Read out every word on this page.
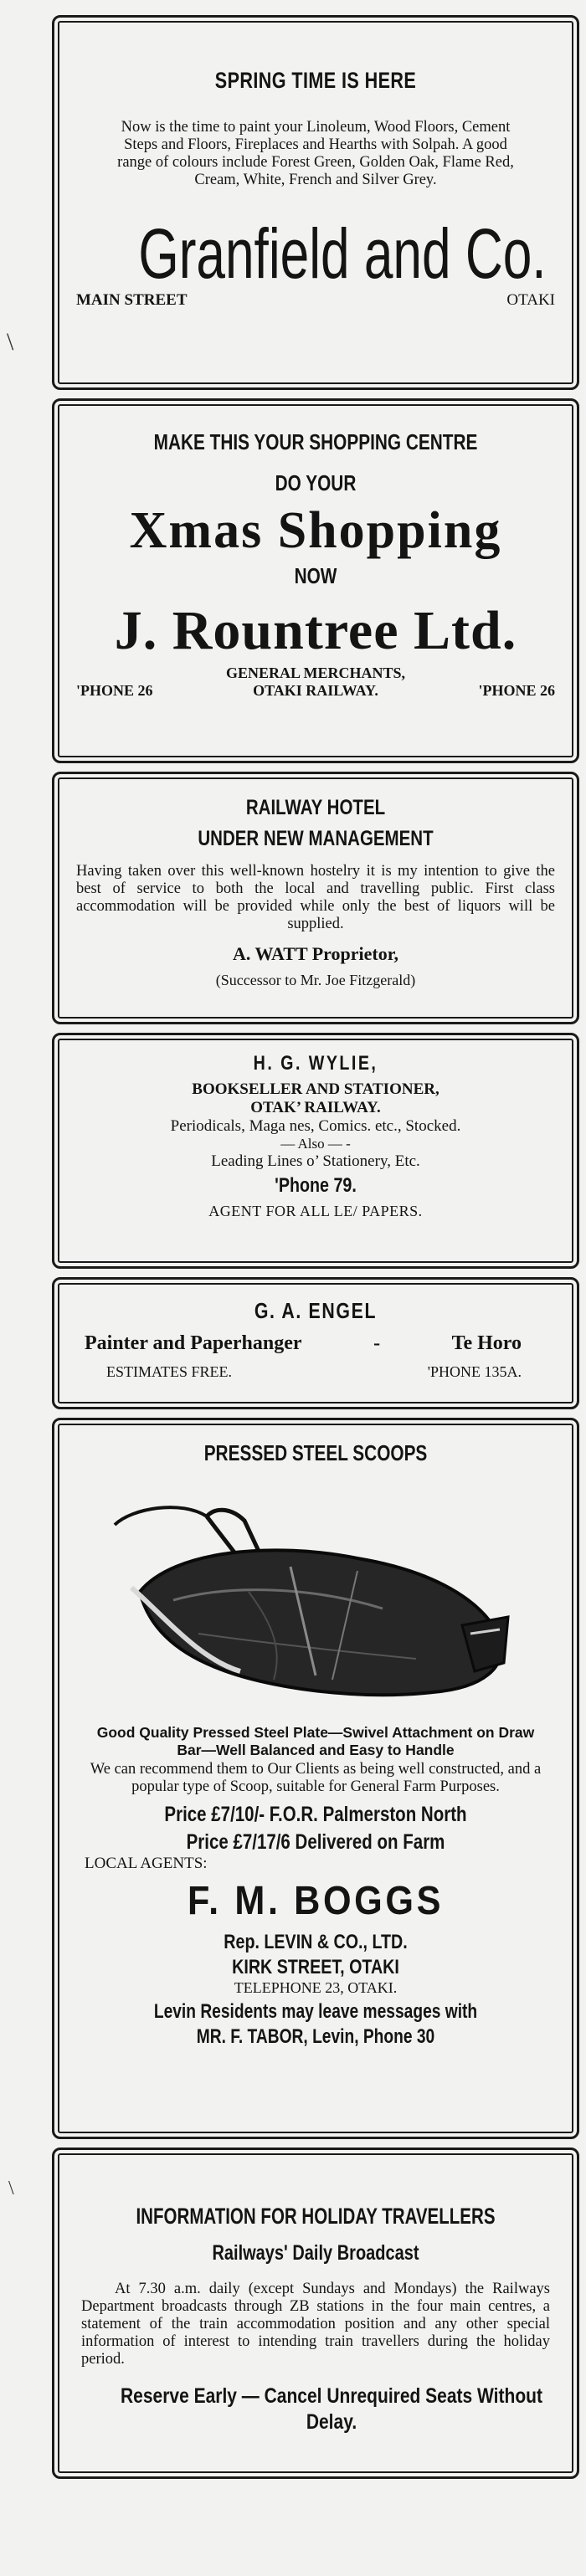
\
\
SPRING TIME IS HERE

Now is the time to paint your Linoleum, Wood Floors, Cement Steps and Floors, Fireplaces and Hearths with Solpah. A good range of colours include Forest Green, Golden Oak, Flame Red, Cream, White, French and Silver Grey.

Granfield and Co.
MAIN STREET	OTAKI
MAKE THIS YOUR SHOPPING CENTRE
DO YOUR
Xmas Shopping
NOW
J. Rountree Ltd.
'PHONE 26
GENERAL MERCHANTS,
OTAKI RAILWAY.	'PHONE 26
RAILWAY HOTEL
UNDER NEW MANAGEMENT

Having taken over this well-known hostelry it is my intention to give the best of service to both the local and travelling public. First class accommodation will be provided while only the best of liquors will be supplied.

A. WATT Proprietor,
(Successor to Mr. Joe Fitzgerald)
H. G. WYLIE,
BOOKSELLER AND STATIONER,
OTAK’ RAILWAY.
Periodicals, Maga nes, Comics. etc., Stocked.
— Also — -
Leading Lines o’ Stationery, Etc.
'Phone 79.
AGENT FOR ALL LE/ PAPERS.
G. A. ENGEL
Painter and Paperhanger	-	Te Horo
ESTIMATES FREE.	'PHONE 135A.
PRESSED STEEL SCOOPS

Good Quality Pressed Steel Plate—Swivel Attachment on Draw Bar—Well Balanced and Easy to Handle

We can recommend them to Our Clients as being well constructed, and a popular type of Scoop, suitable for General Farm Purposes.

Price £7/10/- F.O.R. Palmerston North
Price £7/17/6 Delivered on Farm
LOCAL AGENTS:
F. M. BOGGS
Rep. LEVIN & CO., LTD.
KIRK STREET, OTAKI
TELEPHONE 23, OTAKI.
Levin Residents may leave messages with
MR. F. TABOR, Levin, Phone 30
INFORMATION FOR HOLIDAY TRAVELLERS
Railways' Daily Broadcast

At 7.30 a.m. daily (except Sundays and Mondays) the Railways Department broadcasts through ZB stations in the four main centres, a statement of the train accommodation position and any other special information of interest to intending train travellers during the holiday period.

Reserve Early — Cancel Unrequired Seats Without Delay.
